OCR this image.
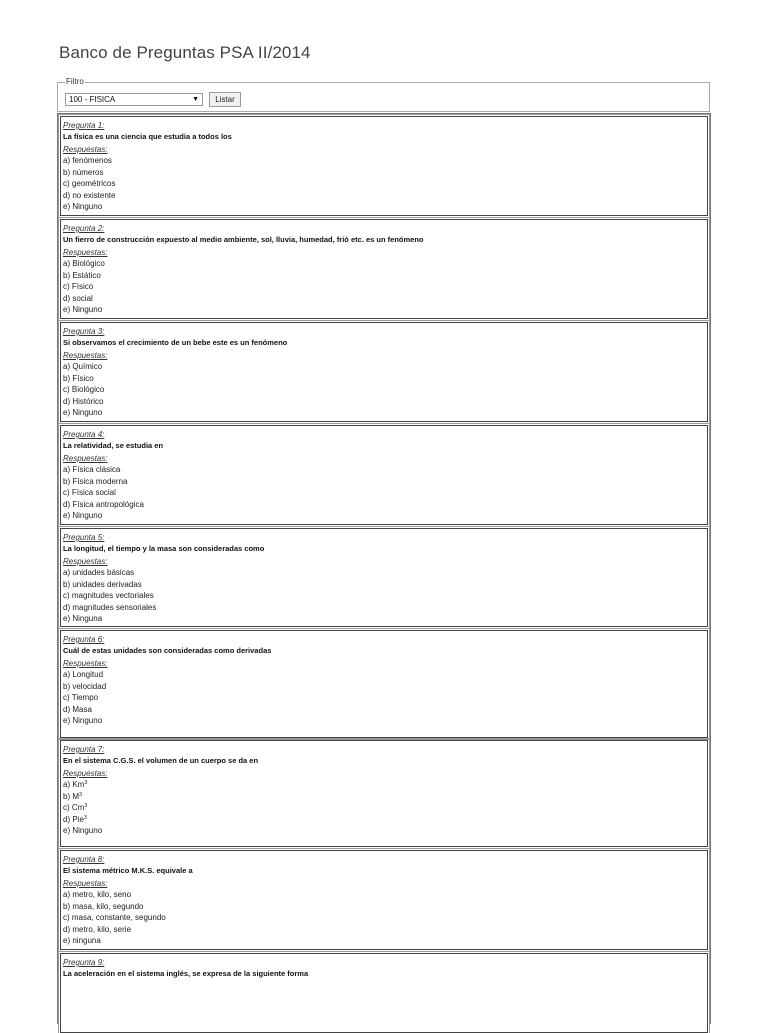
Banco de Preguntas PSA II/2014
Filtro
100 - FISICA	▼	Listar
Pregunta 1:
La física es una ciencia que estudia a todos los
Respuestas:
a) fenómenos
b) números
c) geométricos
d) no existente
e) Ninguno
Pregunta 2:
Un fierro de construcción expuesto al medio ambiente, sol, lluvia, humedad, frió etc. es un fenómeno
Respuestas:
a) Biológico
b) Estático
c) Físico
d) social
e) Ninguno
Pregunta 3:
Si observamos el crecimiento de un bebe este es un fenómeno
Respuestas:
a) Químico
b) Físico
c) Biológico
d) Histórico
e) Ninguno
Pregunta 4:
La relatividad, se estudia en
Respuestas:
a) Física clásica
b) Física moderna
c) Física social
d) Física antropológica
e) Ninguno
Pregunta 5:
La longitud, el tiempo y la masa son consideradas como
Respuestas:
a) unidades básicas
b) unidades derivadas
c) magnitudes vectoriales
d) magnitudes sensoriales
e) Ninguna
Pregunta 6:
Cuál de estas unidades son consideradas como derivadas
Respuestas:
a) Longitud
b) velocidad
c) Tiempo
d) Masa
e) Ninguno
Pregunta 7:
En el sistema C.G.S. el volumen de un cuerpo se da en
Respuestas:
a) Km$^3$
b) $M^3$
c) Cm$^3$
d) Pie$^3$
e) Ninguno
Pregunta 8:
El sistema métrico M.K.S. equivale a
Respuestas:
a) metro, kilo, seno
b) masa, kilo, segundo
c) masa, constante, segundo
d) metro, kilo, serie
e) ninguna
Pregunta 9:
La aceleración en el sistema inglés, se expresa de la siguiente forma
